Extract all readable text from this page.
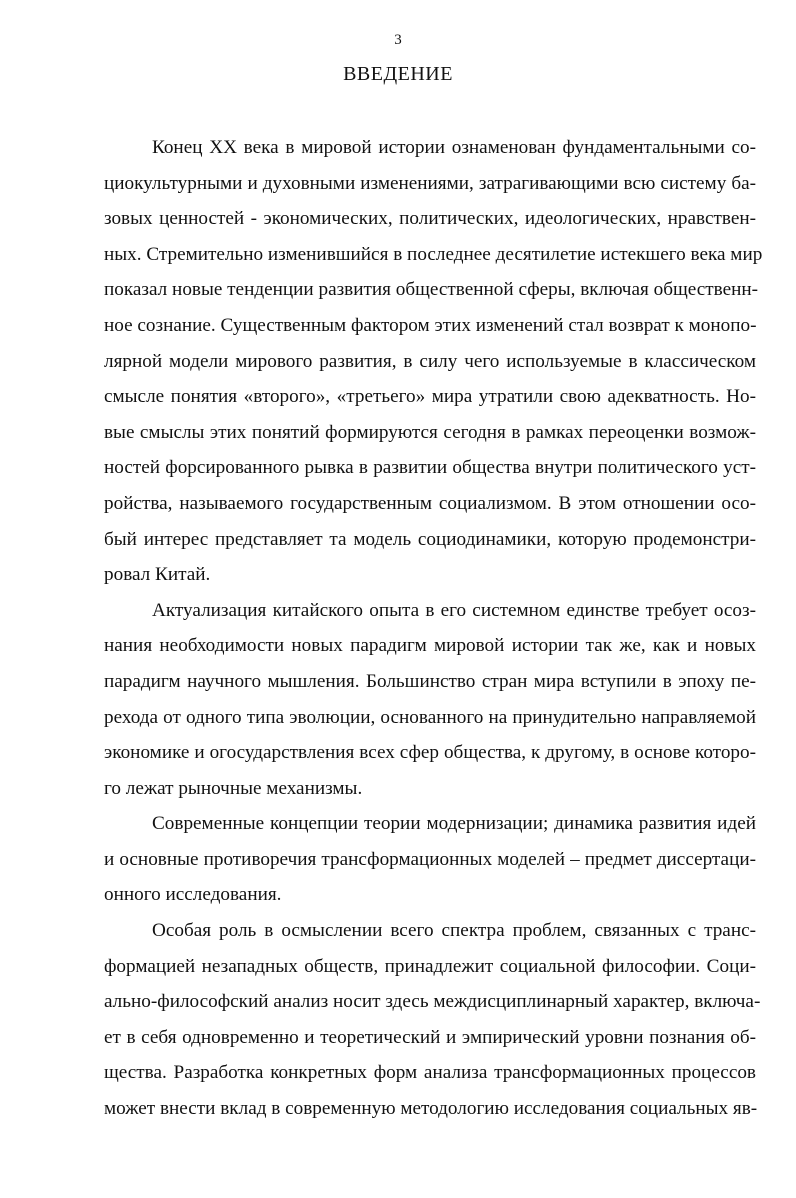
3
ВВЕДЕНИЕ
Конец XX века в мировой истории ознаменован фундаментальными со-
циокультурными и духовными изменениями, затрагивающими всю систему ба-
зовых ценностей - экономических, политических, идеологических, нравствен-
ных. Стремительно изменившийся в последнее десятилетие истекшего века мир
показал новые тенденции развития общественной сферы, включая общественн-
ное сознание. Существенным фактором этих изменений стал возврат к монопо-
лярной модели мирового развития, в силу чего используемые в классическом
смысле понятия «второго», «третьего» мира утратили свою адекватность. Но-
вые смыслы этих понятий формируются сегодня в рамках переоценки возмож-
ностей форсированного рывка в развитии общества внутри политического уст-
ройства, называемого государственным социализмом. В этом отношении осо-
бый интерес представляет та модель социодинамики, которую продемонстри-
ровал Китай.
Актуализация китайского опыта в его системном единстве требует осоз-
нания необходимости новых парадигм мировой истории так же, как и новых
парадигм научного мышления. Большинство стран мира вступили в эпоху пе-
рехода от одного типа эволюции, основанного на принудительно направляемой
экономике и огосударствления всех сфер общества, к другому, в основе которо-
го лежат рыночные механизмы.
Современные концепции теории модернизации; динамика развития идей
и основные противоречия трансформационных моделей – предмет диссертаци-
онного исследования.
Особая роль в осмыслении всего спектра проблем, связанных с транс-
формацией незападных обществ, принадлежит социальной философии. Соци-
ально-философский анализ носит здесь междисциплинарный характер, включа-
ет в себя одновременно и теоретический и эмпирический уровни познания об-
щества. Разработка конкретных форм анализа трансформационных процессов
может внести вклад в современную методологию исследования социальных яв-
